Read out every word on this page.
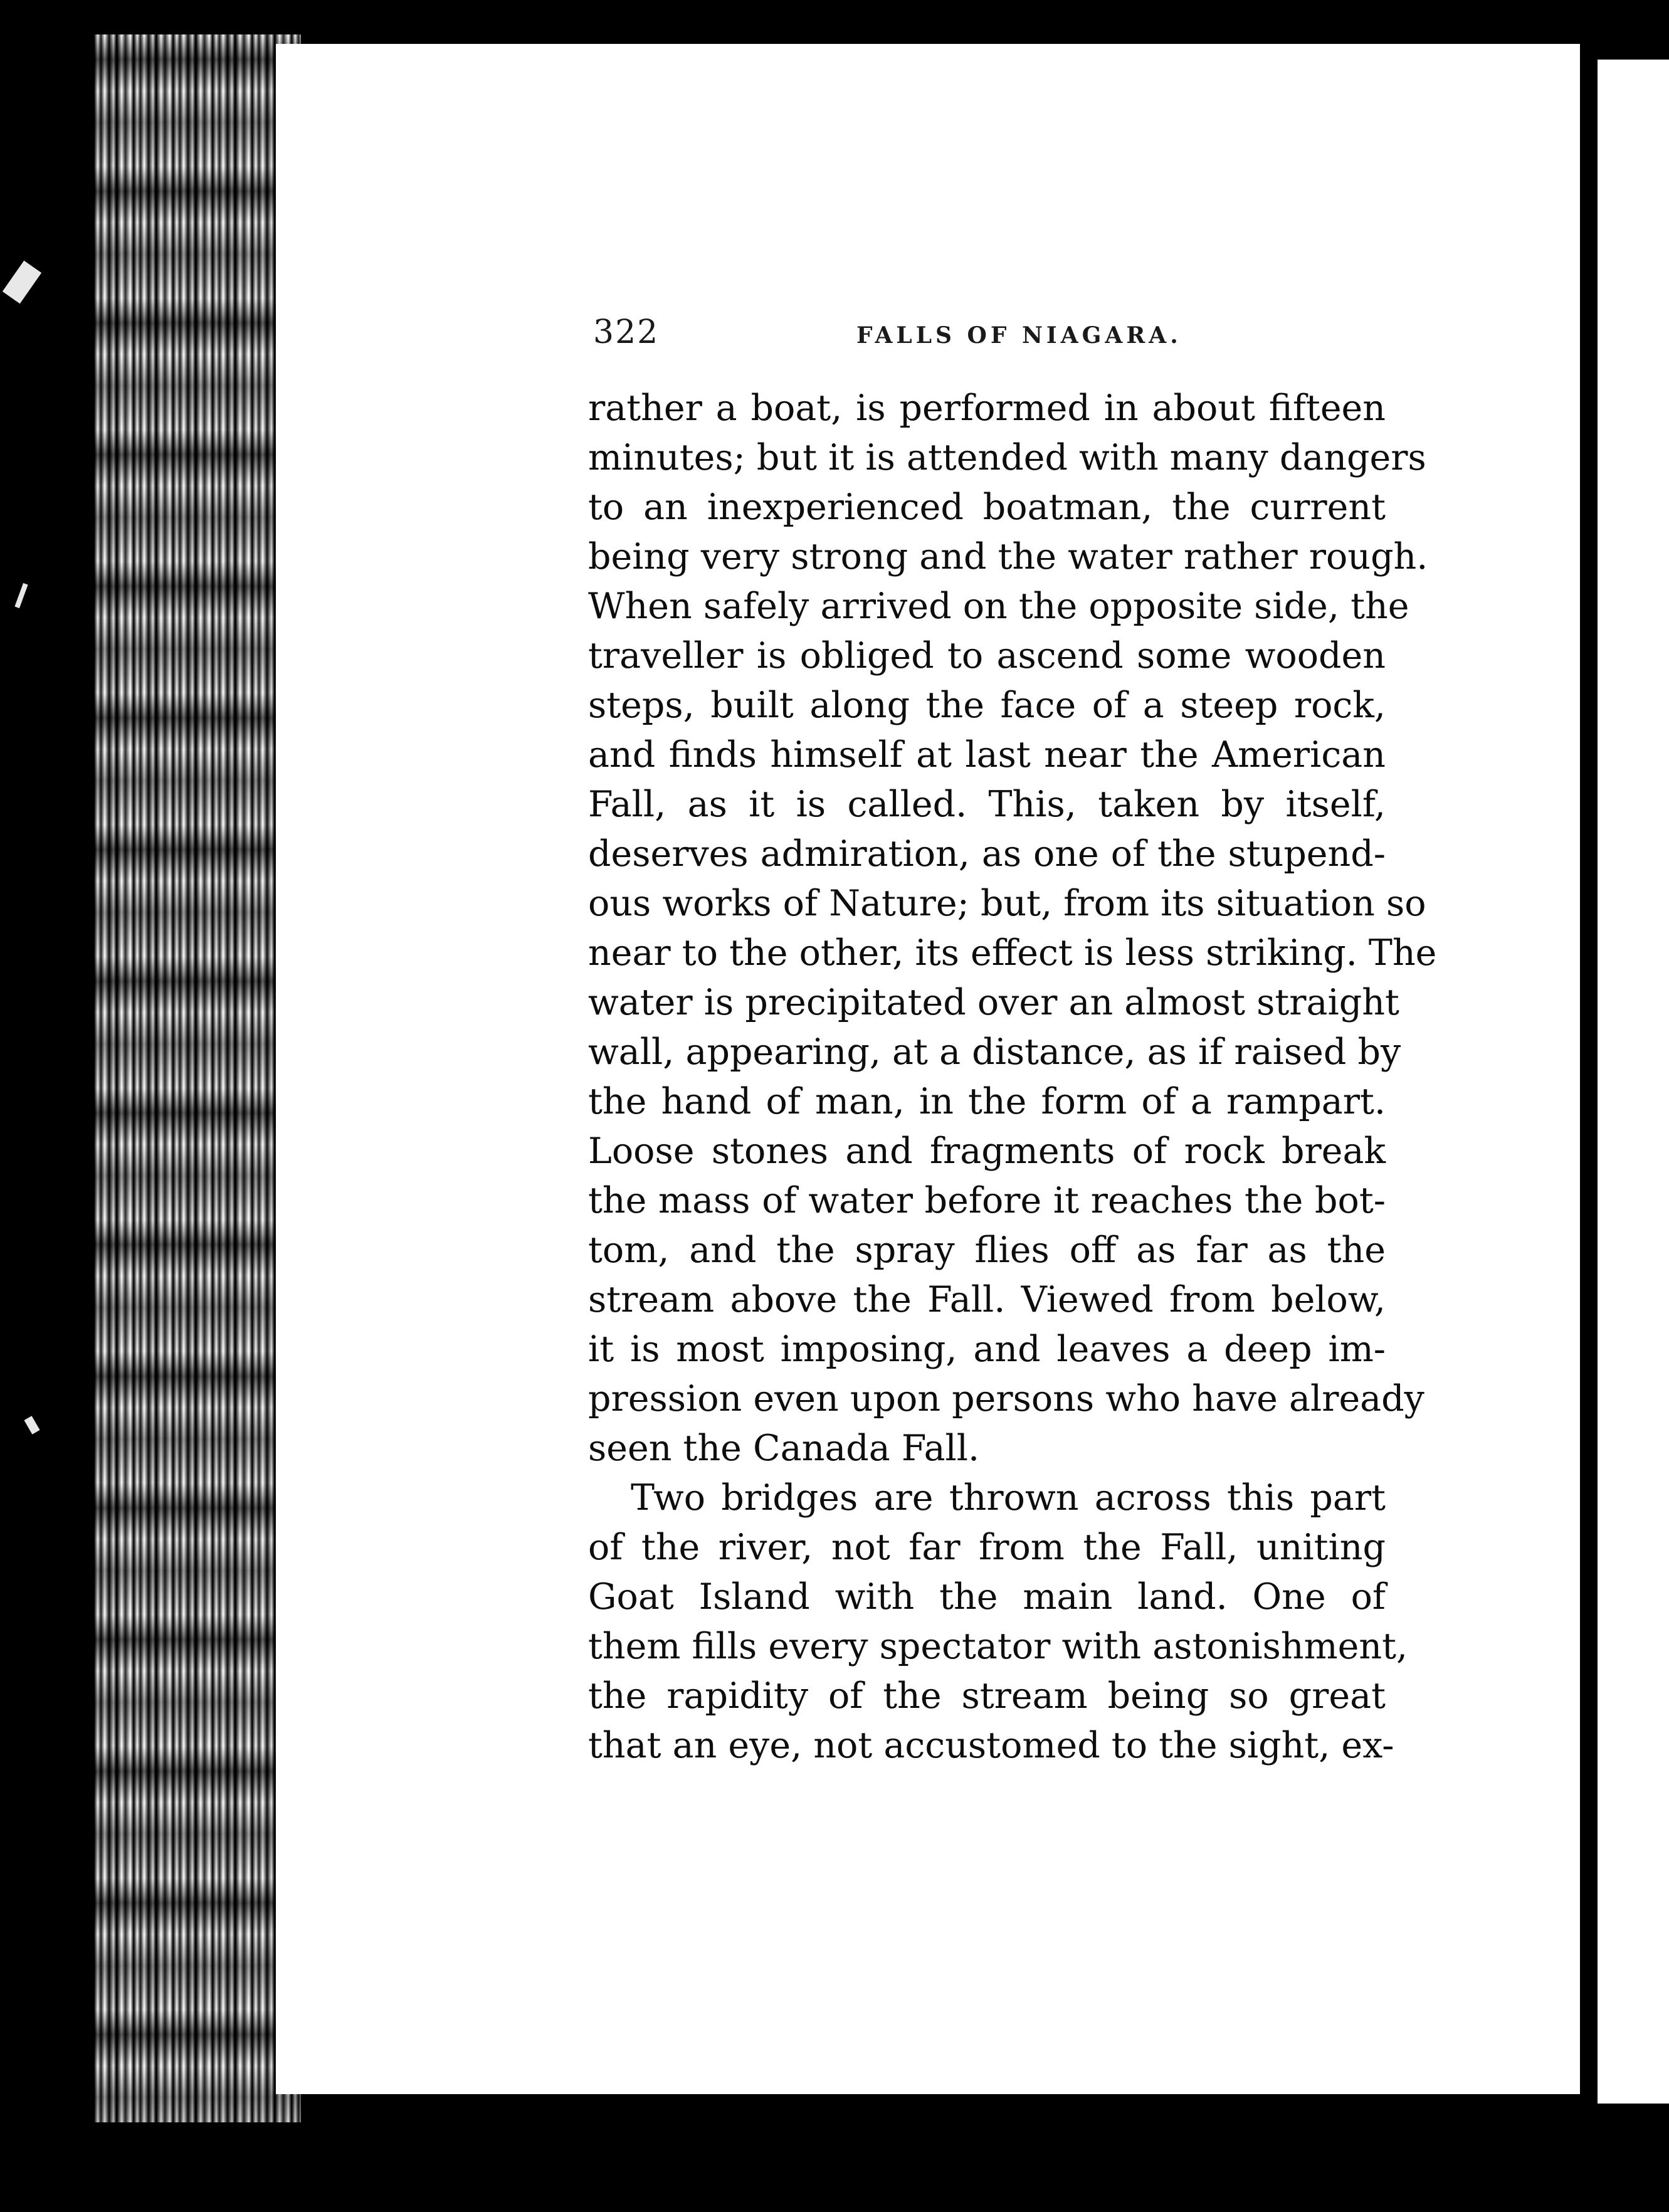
322	FALLS OF NIAGARA.
rather a boat, is performed in about fifteen
minutes; but it is attended with many dangers
to an inexperienced boatman, the current
being very strong and the water rather rough.
When safely arrived on the opposite side, the
traveller is obliged to ascend some wooden
steps, built along the face of a steep rock,
and finds himself at last near the American
Fall, as it is called. This, taken by itself,
deserves admiration, as one of the stupend-
ous works of Nature; but, from its situation so
near to the other, its effect is less striking. The
water is precipitated over an almost straight
wall, appearing, at a distance, as if raised by
the hand of man, in the form of a rampart.
Loose stones and fragments of rock break
the mass of water before it reaches the bot-
tom, and the spray flies off as far as the
stream above the Fall. Viewed from below,
it is most imposing, and leaves a deep im-
pression even upon persons who have already
seen the Canada Fall.
Two bridges are thrown across this part
of the river, not far from the Fall, uniting
Goat Island with the main land. One of
them fills every spectator with astonishment,
the rapidity of the stream being so great
that an eye, not accustomed to the sight, ex-
